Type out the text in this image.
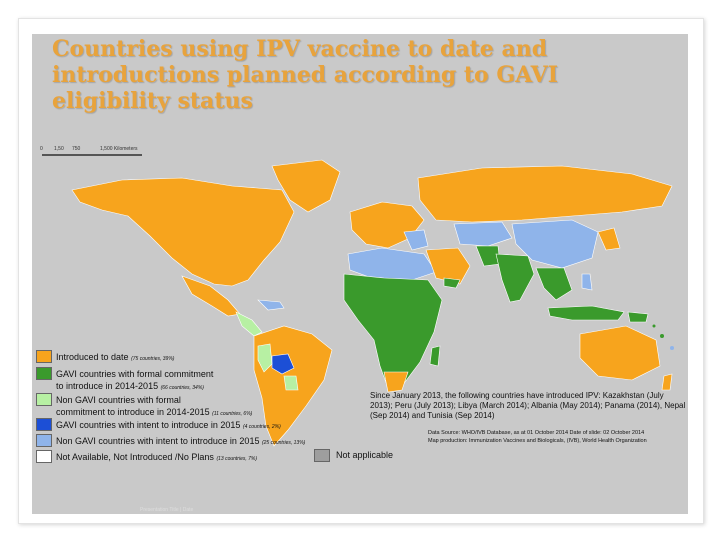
Countries using IPV vaccine to date and
introductions planned according to GAVI
eligibility status
0 1,50 750	1,500 Kilometers
Introduced to date (75 countries, 39%)
GAVI countries with formal commitment
to introduce in 2014-2015 (66 countries, 34%)
Non GAVI countries with formal
commitment to introduce in 2014-2015 (11 countries, 6%)
GAVI countries with intent to introduce in 2015 (4 countries, 2%)
Non GAVI countries with intent to introduce in 2015 (25 countries, 13%)
Not Available, Not Introduced /No Plans (13 countries, 7%)	Not applicable
Since January 2013, the following countries have introduced IPV: Kazakhstan (July 2013); Peru (July 2013); Libya (March 2014); Albania (May 2014); Panama (2014), Nepal (Sep 2014) and Tunisia (Sep 2014)
Data Source: WHO/IVB Database, as at 01 October 2014 Date of slide: 02 October 2014
Map production: Immunization Vaccines and Biologicals, (IVB), World Health Organization
Presentation Title | Date
